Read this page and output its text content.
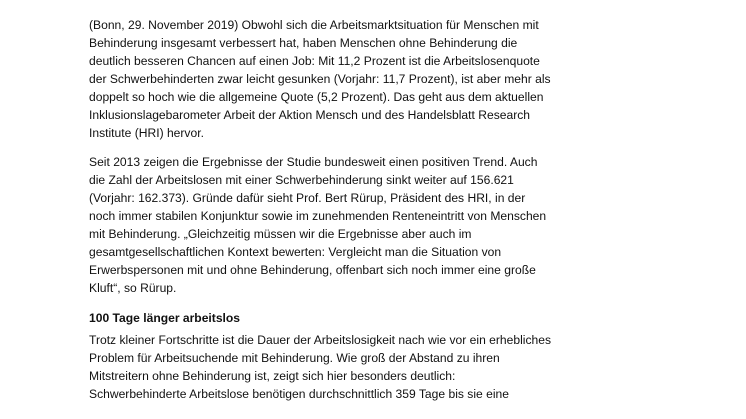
(Bonn, 29. November 2019) Obwohl sich die Arbeitsmarktsituation für Menschen mit
Behinderung insgesamt verbessert hat, haben Menschen ohne Behinderung die
deutlich besseren Chancen auf einen Job: Mit 11,2 Prozent ist die Arbeitslosenquote
der Schwerbehinderten zwar leicht gesunken (Vorjahr: 11,7 Prozent), ist aber mehr als
doppelt so hoch wie die allgemeine Quote (5,2 Prozent). Das geht aus dem aktuellen
Inklusionslagebarometer Arbeit der Aktion Mensch und des Handelsblatt Research
Institute (HRI) hervor.

Seit 2013 zeigen die Ergebnisse der Studie bundesweit einen positiven Trend. Auch
die Zahl der Arbeitslosen mit einer Schwerbehinderung sinkt weiter auf 156.621
(Vorjahr: 162.373). Gründe dafür sieht Prof. Bert Rürup, Präsident des HRI, in der
noch immer stabilen Konjunktur sowie im zunehmenden Renteneintritt von Menschen
mit Behinderung. „Gleichzeitig müssen wir die Ergebnisse aber auch im
gesamtgesellschaftlichen Kontext bewerten: Vergleicht man die Situation von
Erwerbspersonen mit und ohne Behinderung, offenbart sich noch immer eine große
Kluft“, so Rürup.

100 Tage länger arbeitslos

Trotz kleiner Fortschritte ist die Dauer der Arbeitslosigkeit nach wie vor ein erhebliches
Problem für Arbeitsuchende mit Behinderung. Wie groß der Abstand zu ihren
Mitstreitern ohne Behinderung ist, zeigt sich hier besonders deutlich:
Schwerbehinderte Arbeitslose benötigen durchschnittlich 359 Tage bis sie eine
